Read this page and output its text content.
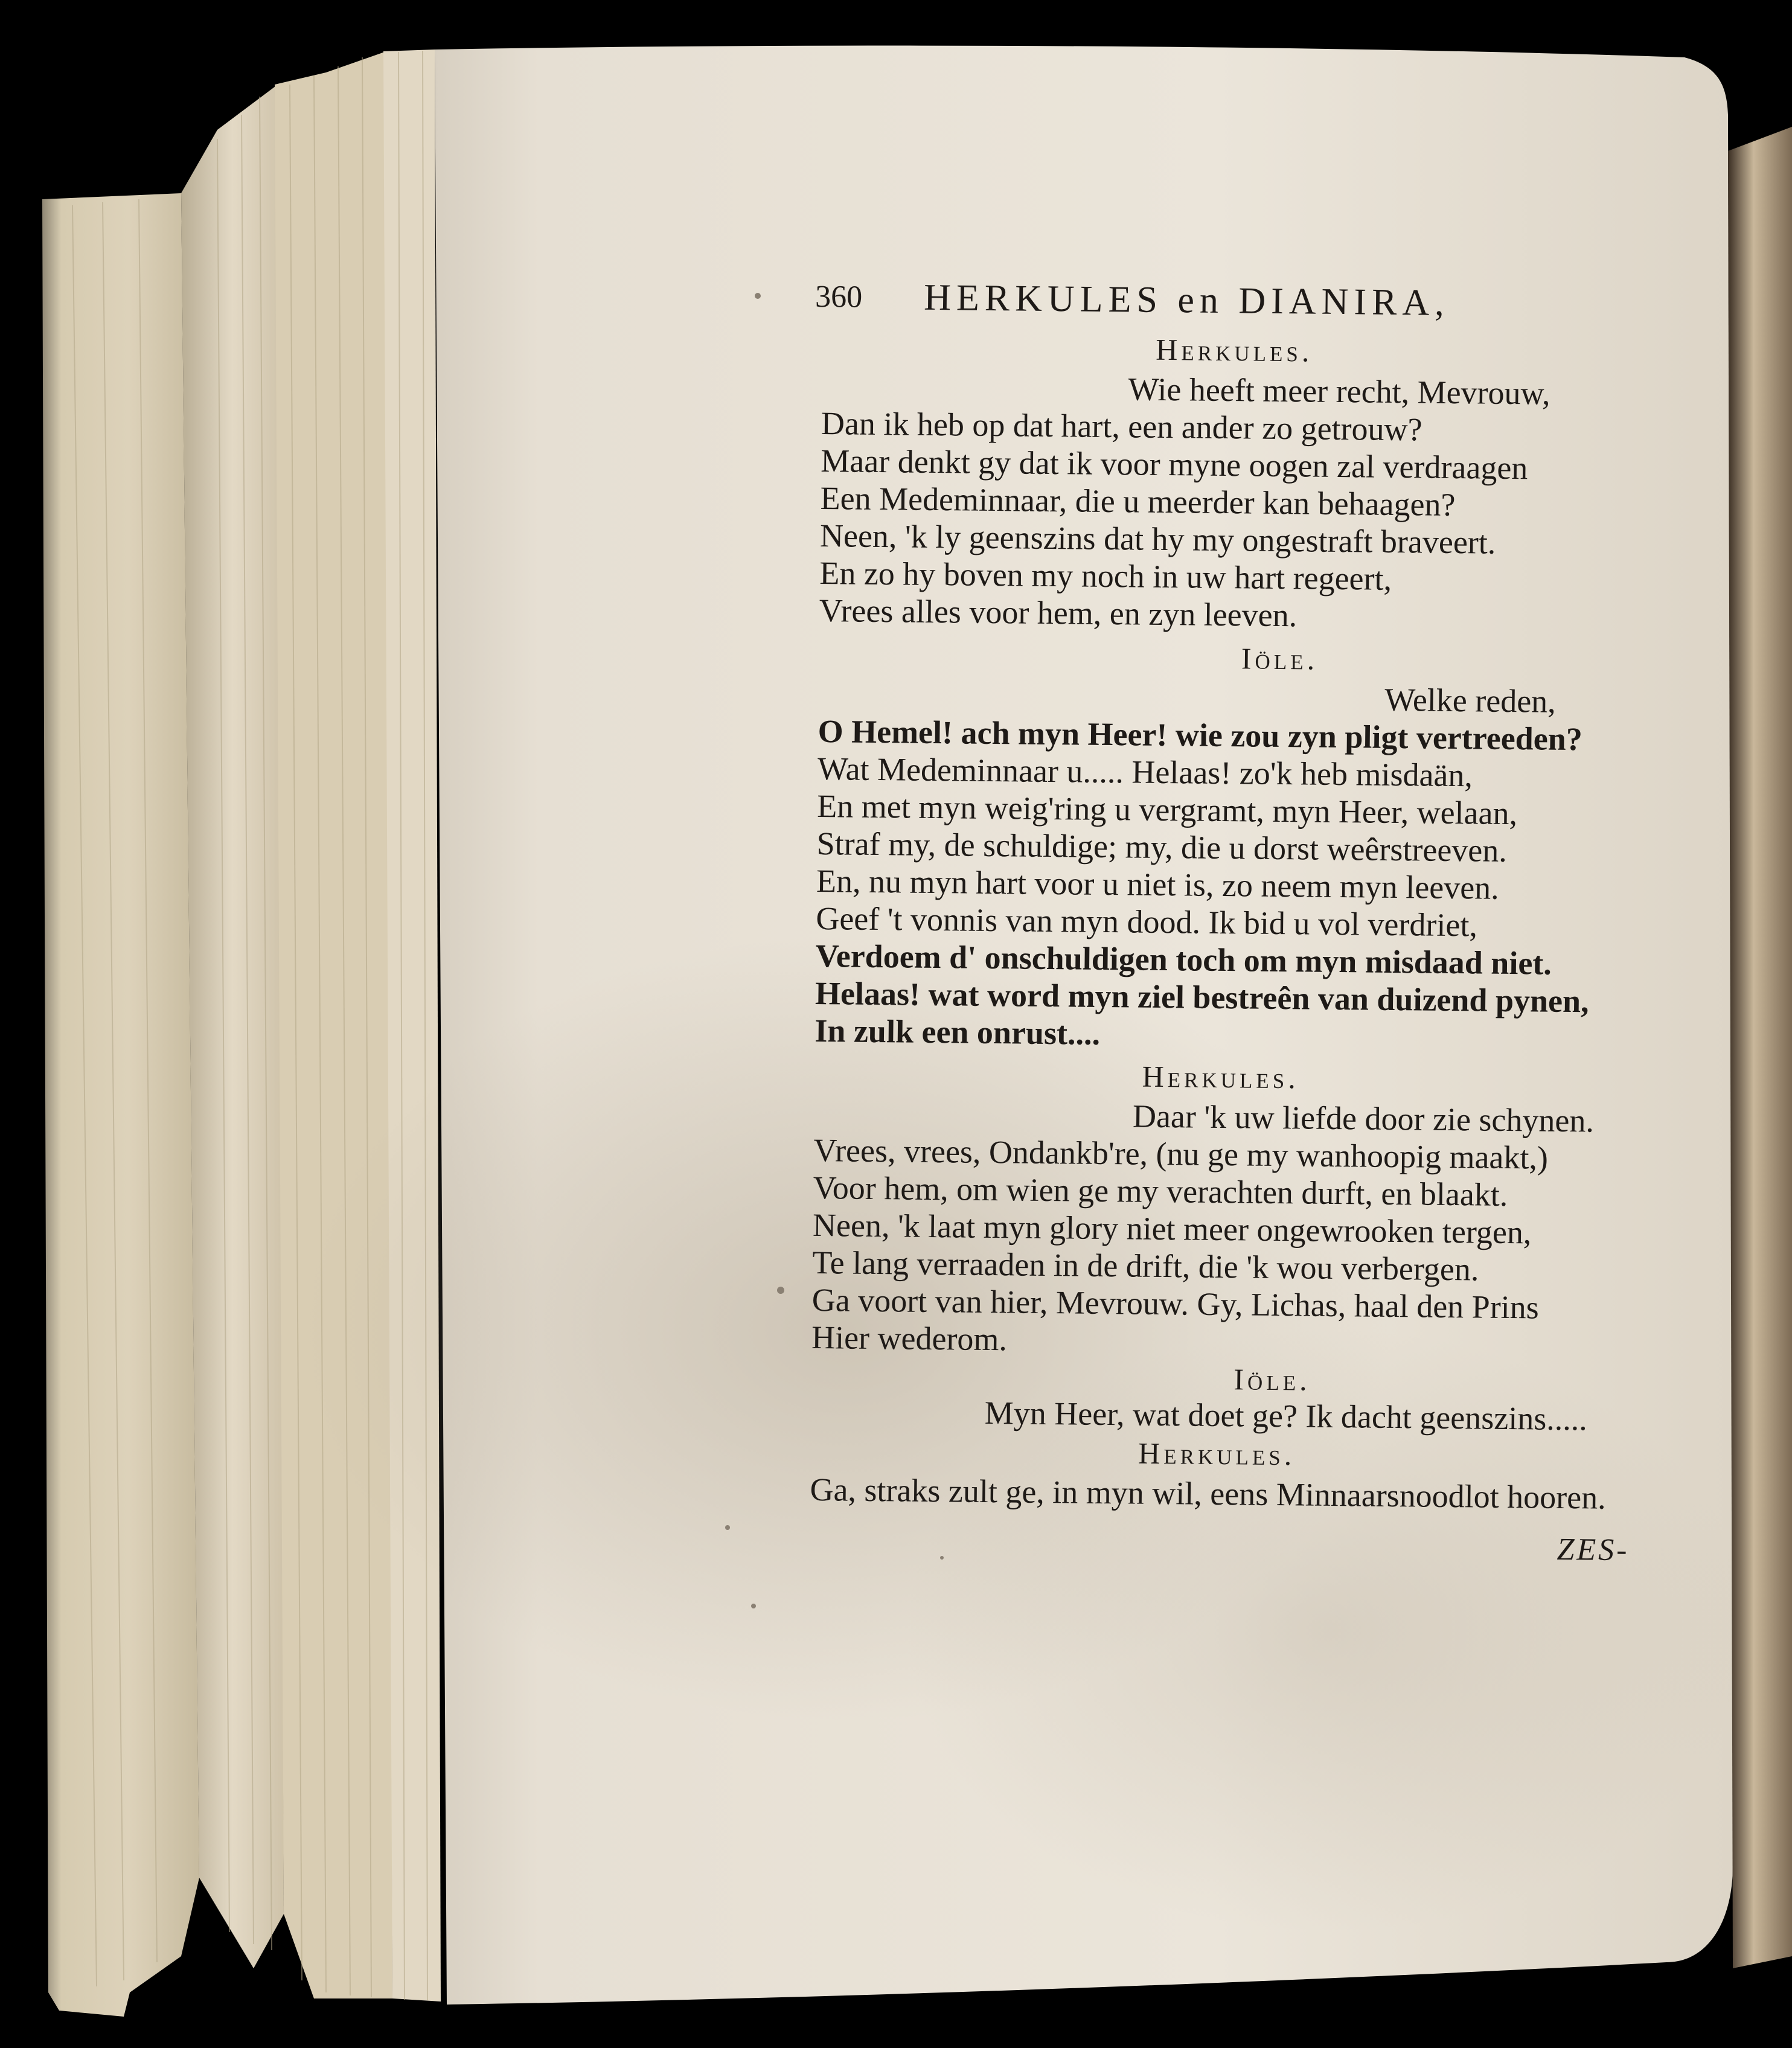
360 HERKULES en DIANIRA,
Herkules.
Wie heeft meer recht, Mevrouw,
Dan ik heb op dat hart, een ander zo getrouw?
Maar denkt gy dat ik voor myne oogen zal verdraagen
Een Medeminnaar, die u meerder kan behaagen?
Neen, 'k ly geenszins dat hy my ongestraft braveert.
En zo hy boven my noch in uw hart regeert,
Vrees alles voor hem, en zyn leeven.
Iöle.
Welke reden,
O Hemel! ach myn Heer! wie zou zyn pligt vertreeden?
Wat Medeminnaar u..... Helaas! zo'k heb misdaän,
En met myn weig'ring u vergramt, myn Heer, welaan,
Straf my, de schuldige; my, die u dorst weêrstreeven.
En, nu myn hart voor u niet is, zo neem myn leeven.
Geef 't vonnis van myn dood. Ik bid u vol verdriet,
Verdoem d' onschuldigen toch om myn misdaad niet.
Helaas! wat word myn ziel bestreên van duizend pynen,
In zulk een onrust....
Herkules.
Daar 'k uw liefde door zie schynen.
Vrees, vrees, Ondankb're, (nu ge my wanhoopig maakt,)
Voor hem, om wien ge my verachten durft, en blaakt.
Neen, 'k laat myn glory niet meer ongewrooken tergen,
Te lang verraaden in de drift, die 'k wou verbergen.
Ga voort van hier, Mevrouw. Gy, Lichas, haal den Prins
Hier wederom.
Iöle.
Myn Heer, wat doet ge? Ik dacht geenszins.....
Herkules.
Ga, straks zult ge, in myn wil, eens Minnaarsnoodlot hooren.
ZES-
